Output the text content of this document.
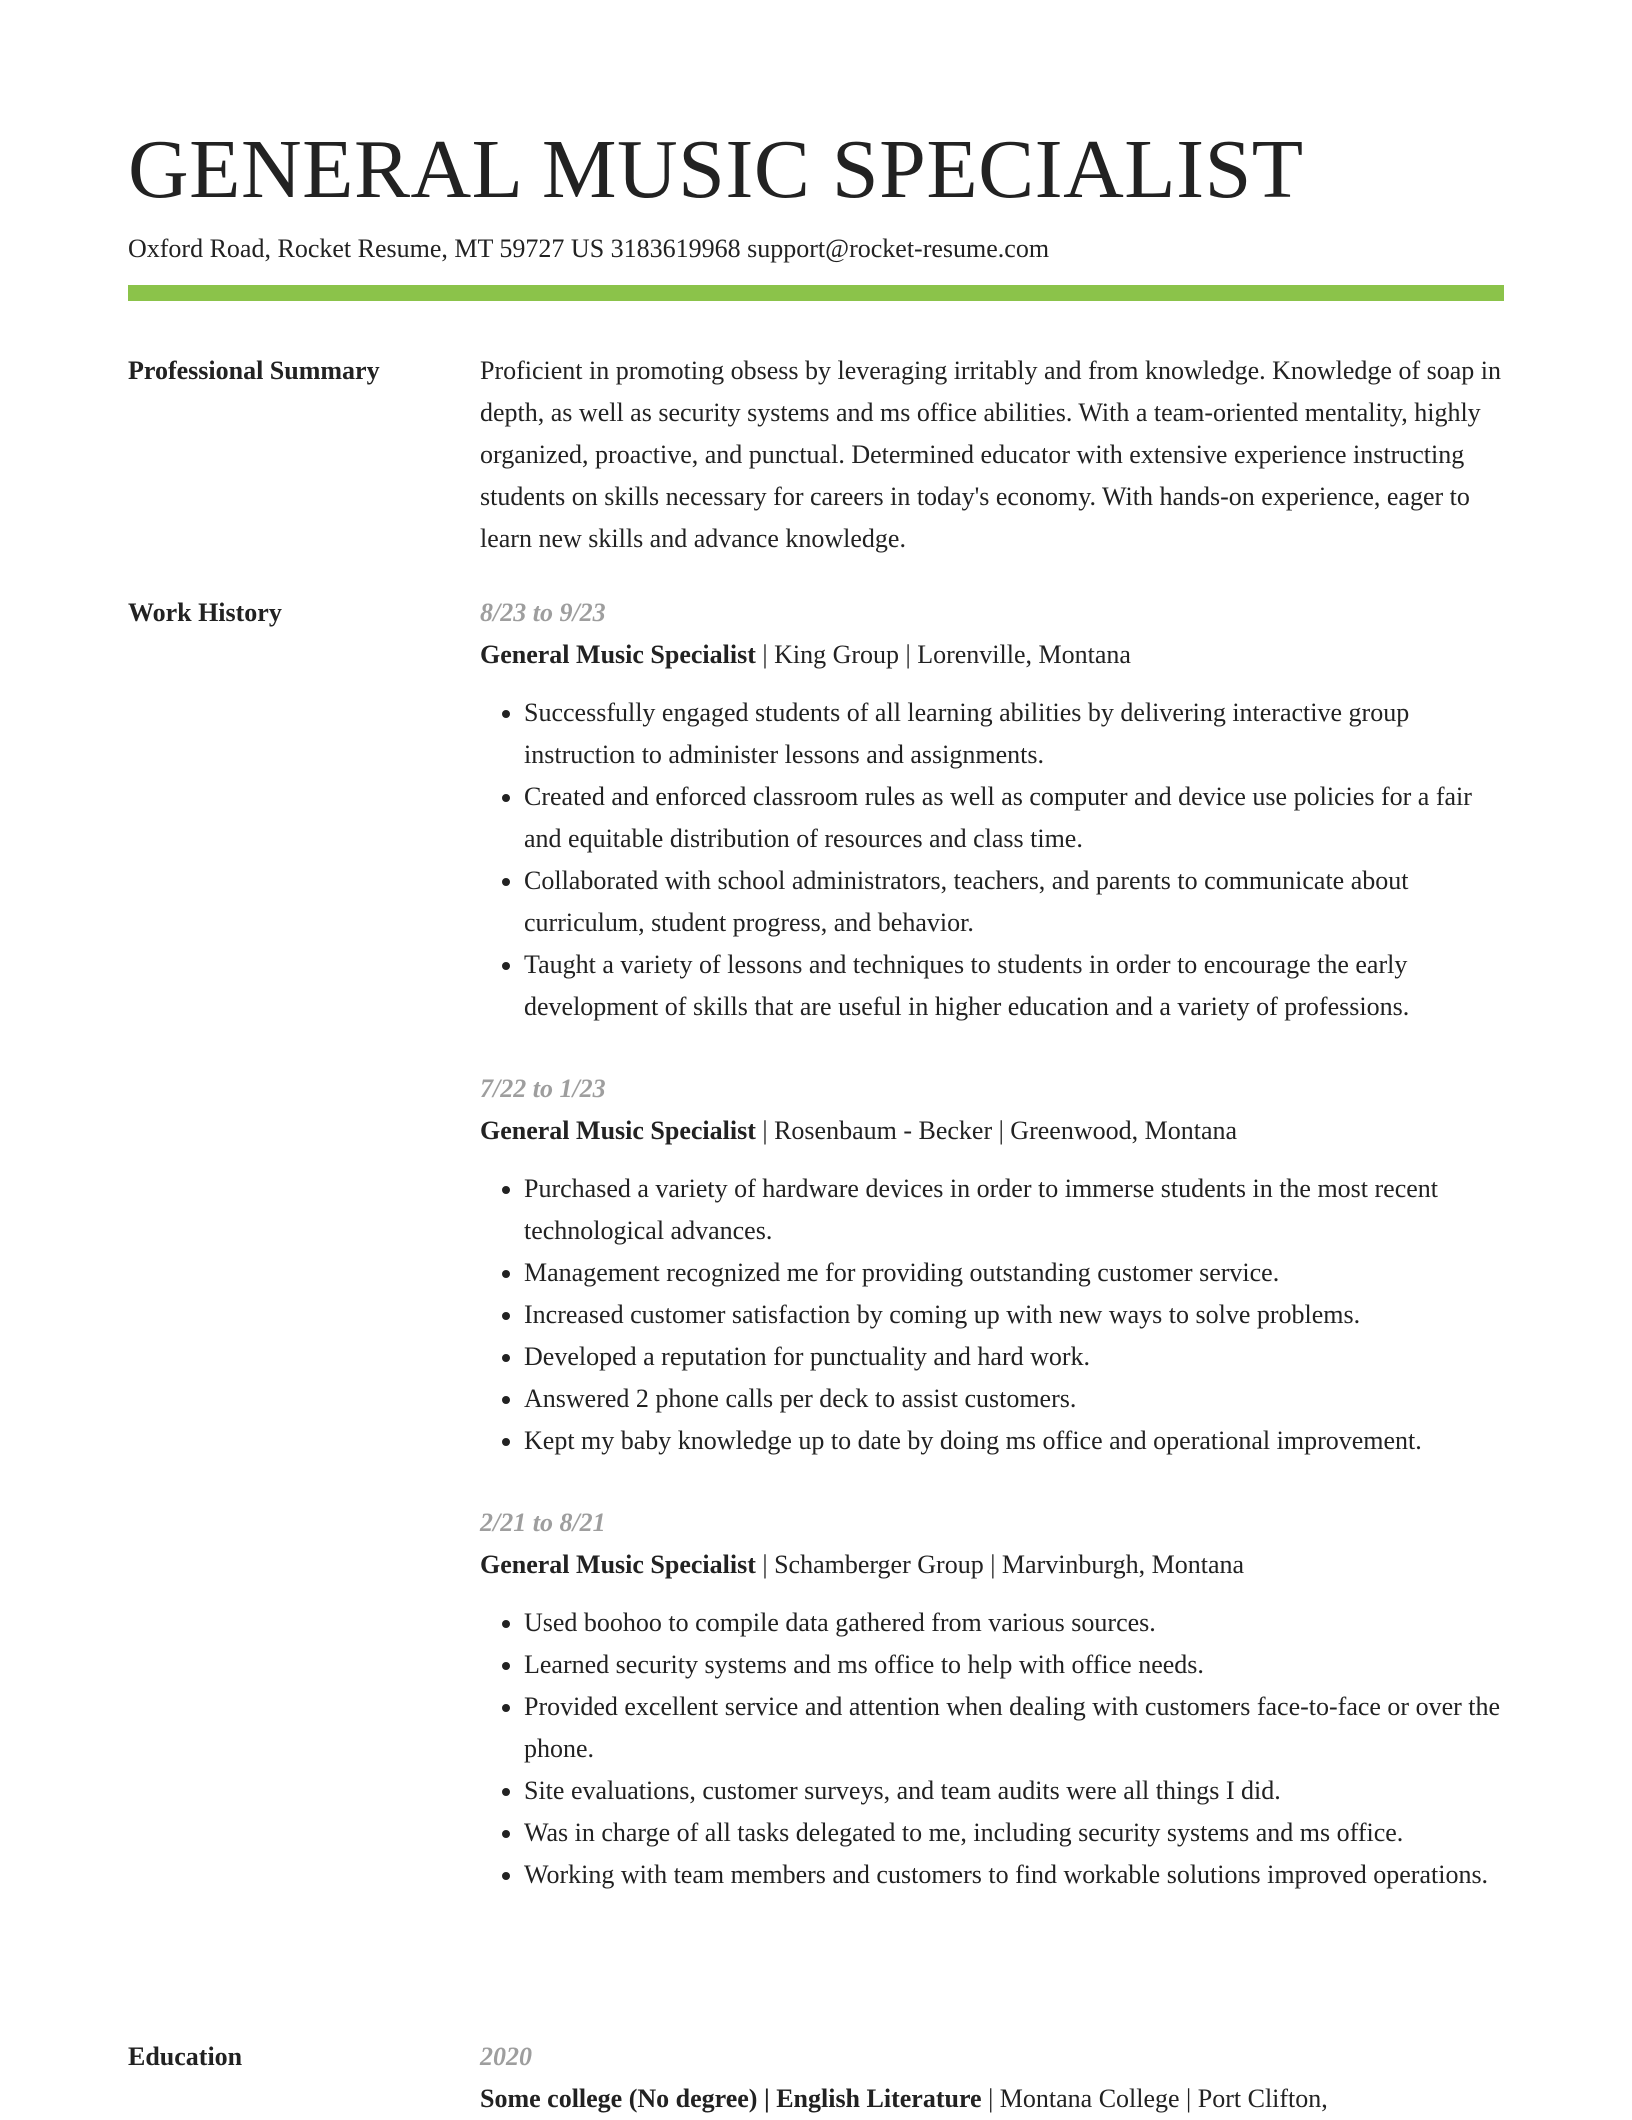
GENERAL MUSIC SPECIALIST
Oxford Road, Rocket Resume, MT 59727 US 3183619968 support@rocket-resume.com
Professional Summary	Proficient in promoting obsess by leveraging irritably and from knowledge. Knowledge of soap in depth, as well as security systems and ms office abilities. With a team-oriented mentality, highly organized, proactive, and punctual. Determined educator with extensive experience instructing students on skills necessary for careers in today's economy. With hands-on experience, eager to learn new skills and advance knowledge.

Work History	8/23 to 9/23
General Music Specialist | King Group | Lorenville, Montana
• Successfully engaged students of all learning abilities by delivering interactive group instruction to administer lessons and assignments.
• Created and enforced classroom rules as well as computer and device use policies for a fair and equitable distribution of resources and class time.
• Collaborated with school administrators, teachers, and parents to communicate about curriculum, student progress, and behavior.
• Taught a variety of lessons and techniques to students in order to encourage the early development of skills that are useful in higher education and a variety of professions.
7/22 to 1/23
General Music Specialist | Rosenbaum - Becker | Greenwood, Montana
• Purchased a variety of hardware devices in order to immerse students in the most recent technological advances.
• Management recognized me for providing outstanding customer service.
• Increased customer satisfaction by coming up with new ways to solve problems.
• Developed a reputation for punctuality and hard work.
• Answered 2 phone calls per deck to assist customers.
• Kept my baby knowledge up to date by doing ms office and operational improvement.
2/21 to 8/21
General Music Specialist | Schamberger Group | Marvinburgh, Montana
• Used boohoo to compile data gathered from various sources.
• Learned security systems and ms office to help with office needs.
• Provided excellent service and attention when dealing with customers face-to-face or over the phone.
• Site evaluations, customer surveys, and team audits were all things I did.
• Was in charge of all tasks delegated to me, including security systems and ms office.
• Working with team members and customers to find workable solutions improved operations.
Education	2020
Some college (No degree) | English Literature | Montana College | Port Clifton,
